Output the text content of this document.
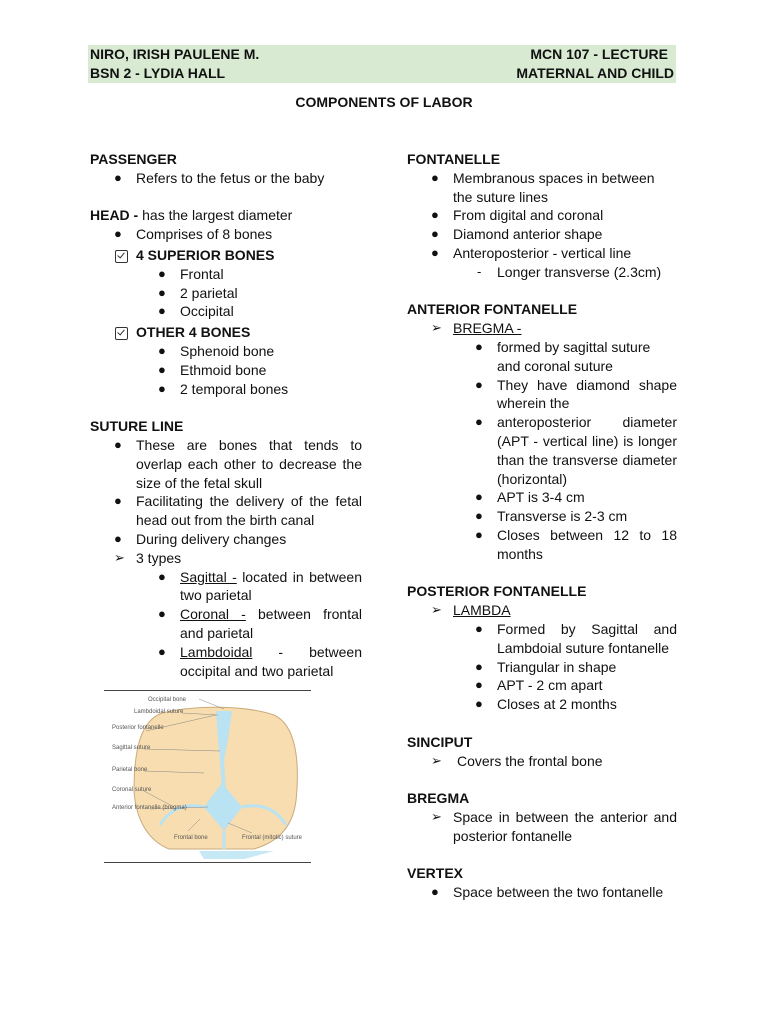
NIRO, IRISH PAULENE M.	MCN 107 - LECTURE
BSN 2 - LYDIA HALL	MATERNAL AND CHILD
COMPONENTS OF LABOR
PASSENGER
● Refers to the fetus or the baby
HEAD - has the largest diameter
● Comprises of 8 bones
4 SUPERIOR BONES
● Frontal
● 2 parietal
● Occipital
OTHER 4 BONES
● Sphenoid bone
● Ethmoid bone
● 2 temporal bones
SUTURE LINE
● These are bones that tends to overlap each other to decrease the size of the fetal skull
● Facilitating the delivery of the fetal head out from the birth canal
● During delivery changes
➢ 3 types
● Sagittal - located in between two parietal
● Coronal - between frontal and parietal
● Lambdoidal - between occipital and two parietal
Occipital bone
Lambdoidal suture
Posterior fontanelle
Sagittal suture
Parietal bone
Coronal suture
Anterior fontanelle (bregma)
Frontal bone	Frontal (mitotic) suture
FONTANELLE
● Membranous spaces in between the suture lines
● From digital and coronal
● Diamond anterior shape
● Anteroposterior - vertical line
- Longer transverse (2.3cm)
ANTERIOR FONTANELLE
➢ BREGMA -
● formed by sagittal suture and coronal suture
● They have diamond shape wherein the
● anteroposterior diameter (APT - vertical line) is longer than the transverse diameter (horizontal)
● APT is 3-4 cm
● Transverse is 2-3 cm
● Closes between 12 to 18 months
POSTERIOR FONTANELLE
➢ LAMBDA
● Formed by Sagittal and Lambdoial suture fontanelle
● Triangular in shape
● APT - 2 cm apart
● Closes at 2 months
SINCIPUT
➢ Covers the frontal bone
BREGMA
➢ Space in between the anterior and posterior fontanelle
VERTEX
● Space between the two fontanelle
